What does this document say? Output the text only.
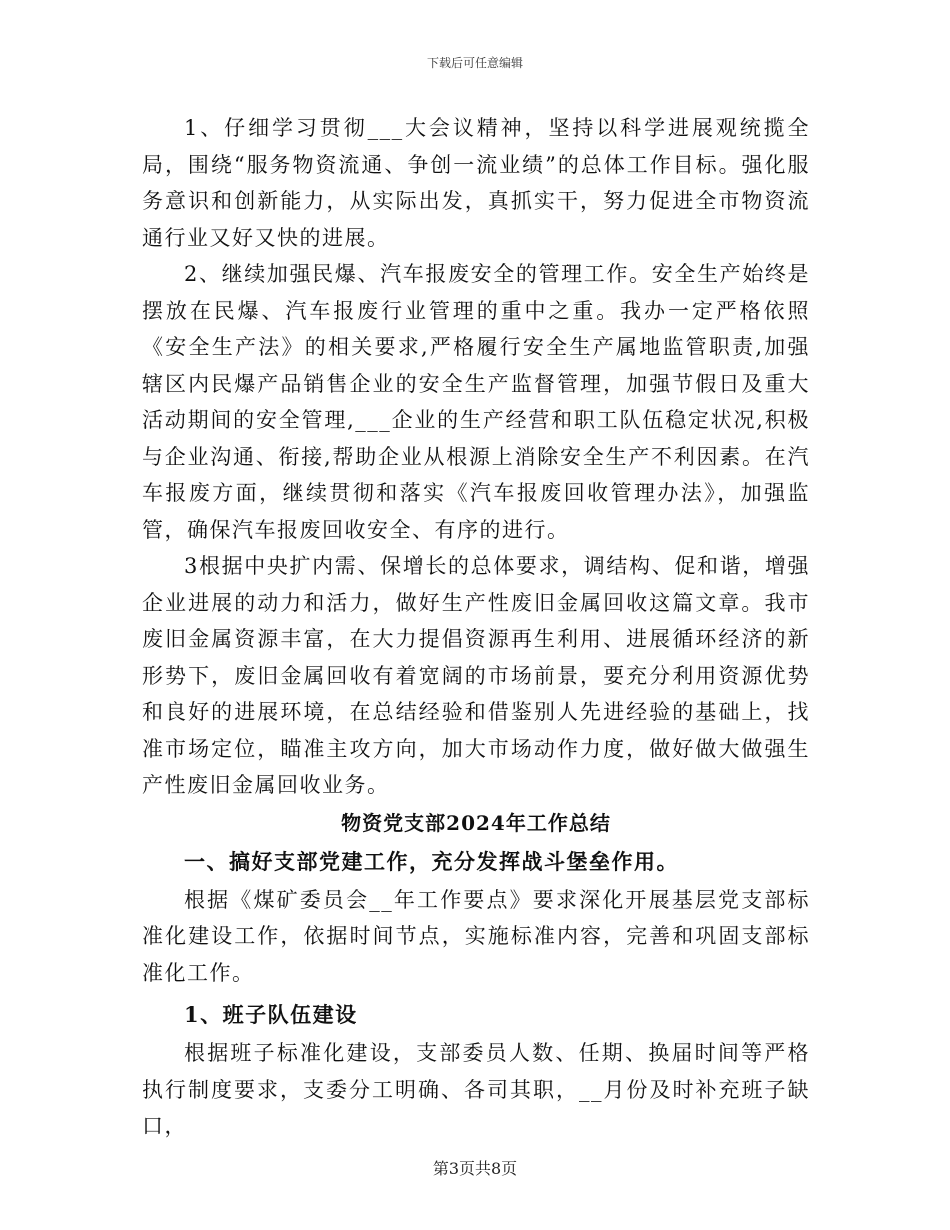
下载后可任意编辑

1、仔细学习贯彻___大会议精神，坚持以科学进展观统揽全局，围绕“服务物资流通、争创一流业绩”的总体工作目标。强化服务意识和创新能力，从实际出发，真抓实干，努力促进全市物资流通行业又好又快的进展。

2、继续加强民爆、汽车报废安全的管理工作。安全生产始终是摆放在民爆、汽车报废行业管理的重中之重。我办一定严格依照《安全生产法》的相关要求,严格履行安全生产属地监管职责,加强辖区内民爆产品销售企业的安全生产监督管理，加强节假日及重大活动期间的安全管理,___企业的生产经营和职工队伍稳定状况,积极与企业沟通、衔接,帮助企业从根源上消除安全生产不利因素。在汽车报废方面，继续贯彻和落实《汽车报废回收管理办法》，加强监管，确保汽车报废回收安全、有序的进行。

3根据中央扩内需、保增长的总体要求，调结构、促和谐，增强企业进展的动力和活力，做好生产性废旧金属回收这篇文章。我市废旧金属资源丰富，在大力提倡资源再生利用、进展循环经济的新形势下，废旧金属回收有着宽阔的市场前景，要充分利用资源优势和良好的进展环境，在总结经验和借鉴别人先进经验的基础上，找准市场定位，瞄准主攻方向，加大市场动作力度，做好做大做强生产性废旧金属回收业务。

物资党支部2024年工作总结

一、搞好支部党建工作，充分发挥战斗堡垒作用。

根据《煤矿委员会__年工作要点》要求深化开展基层党支部标准化建设工作，依据时间节点，实施标准内容，完善和巩固支部标准化工作。

1、班子队伍建设

根据班子标准化建设，支部委员人数、任期、换届时间等严格执行制度要求，支委分工明确、各司其职，__月份及时补充班子缺口，

第3页共8页
